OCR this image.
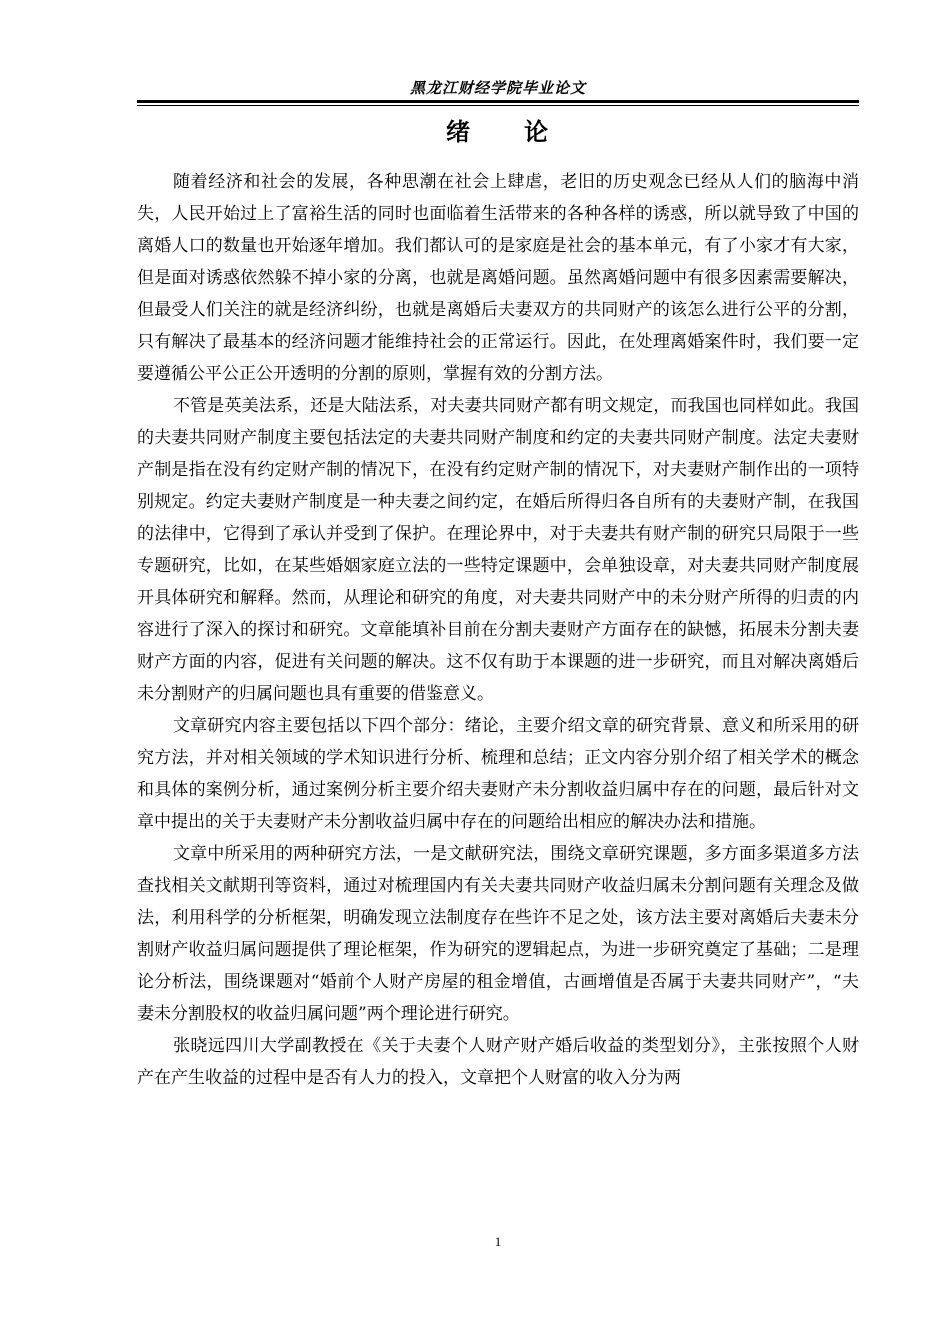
黑龙江财经学院毕业论文
绪　　论

随着经济和社会的发展，各种思潮在社会上肆虐，老旧的历史观念已经从人们的脑海中消失，人民开始过上了富裕生活的同时也面临着生活带来的各种各样的诱惑，所以就导致了中国的离婚人口的数量也开始逐年增加。我们都认可的是家庭是社会的基本单元，有了小家才有大家，但是面对诱惑依然躲不掉小家的分离，也就是离婚问题。虽然离婚问题中有很多因素需要解决，但最受人们关注的就是经济纠纷，也就是离婚后夫妻双方的共同财产的该怎么进行公平的分割，只有解决了最基本的经济问题才能维持社会的正常运行。因此，在处理离婚案件时，我们要一定要遵循公平公正公开透明的分割的原则，掌握有效的分割方法。

不管是英美法系，还是大陆法系，对夫妻共同财产都有明文规定，而我国也同样如此。我国的夫妻共同财产制度主要包括法定的夫妻共同财产制度和约定的夫妻共同财产制度。法定夫妻财产制是指在没有约定财产制的情况下，在没有约定财产制的情况下，对夫妻财产制作出的一项特别规定。约定夫妻财产制度是一种夫妻之间约定，在婚后所得归各自所有的夫妻财产制，在我国的法律中，它得到了承认并受到了保护。在理论界中，对于夫妻共有财产制的研究只局限于一些专题研究，比如，在某些婚姻家庭立法的一些特定课题中，会单独设章，对夫妻共同财产制度展开具体研究和解释。然而，从理论和研究的角度，对夫妻共同财产中的未分财产所得的归责的内容进行了深入的探讨和研究。文章能填补目前在分割夫妻财产方面存在的缺憾，拓展未分割夫妻财产方面的内容，促进有关问题的解决。这不仅有助于本课题的进一步研究，而且对解决离婚后未分割财产的归属问题也具有重要的借鉴意义。

文章研究内容主要包括以下四个部分：绪论，主要介绍文章的研究背景、意义和所采用的研究方法，并对相关领域的学术知识进行分析、梳理和总结；正文内容分别介绍了相关学术的概念和具体的案例分析，通过案例分析主要介绍夫妻财产未分割收益归属中存在的问题，最后针对文章中提出的关于夫妻财产未分割收益归属中存在的问题给出相应的解决办法和措施。

文章中所采用的两种研究方法，一是文献研究法，围绕文章研究课题，多方面多渠道多方法查找相关文献期刊等资料，通过对梳理国内有关夫妻共同财产收益归属未分割问题有关理念及做法，利用科学的分析框架，明确发现立法制度存在些许不足之处，该方法主要对离婚后夫妻未分割财产收益归属问题提供了理论框架，作为研究的逻辑起点，为进一步研究奠定了基础；二是理论分析法，围绕课题对“婚前个人财产房屋的租金增值，古画增值是否属于夫妻共同财产”，“夫妻未分割股权的收益归属问题”两个理论进行研究。

张晓远四川大学副教授在《关于夫妻个人财产财产婚后收益的类型划分》，主张按照个人财产在产生收益的过程中是否有人力的投入，文章把个人财富的收入分为两

1
